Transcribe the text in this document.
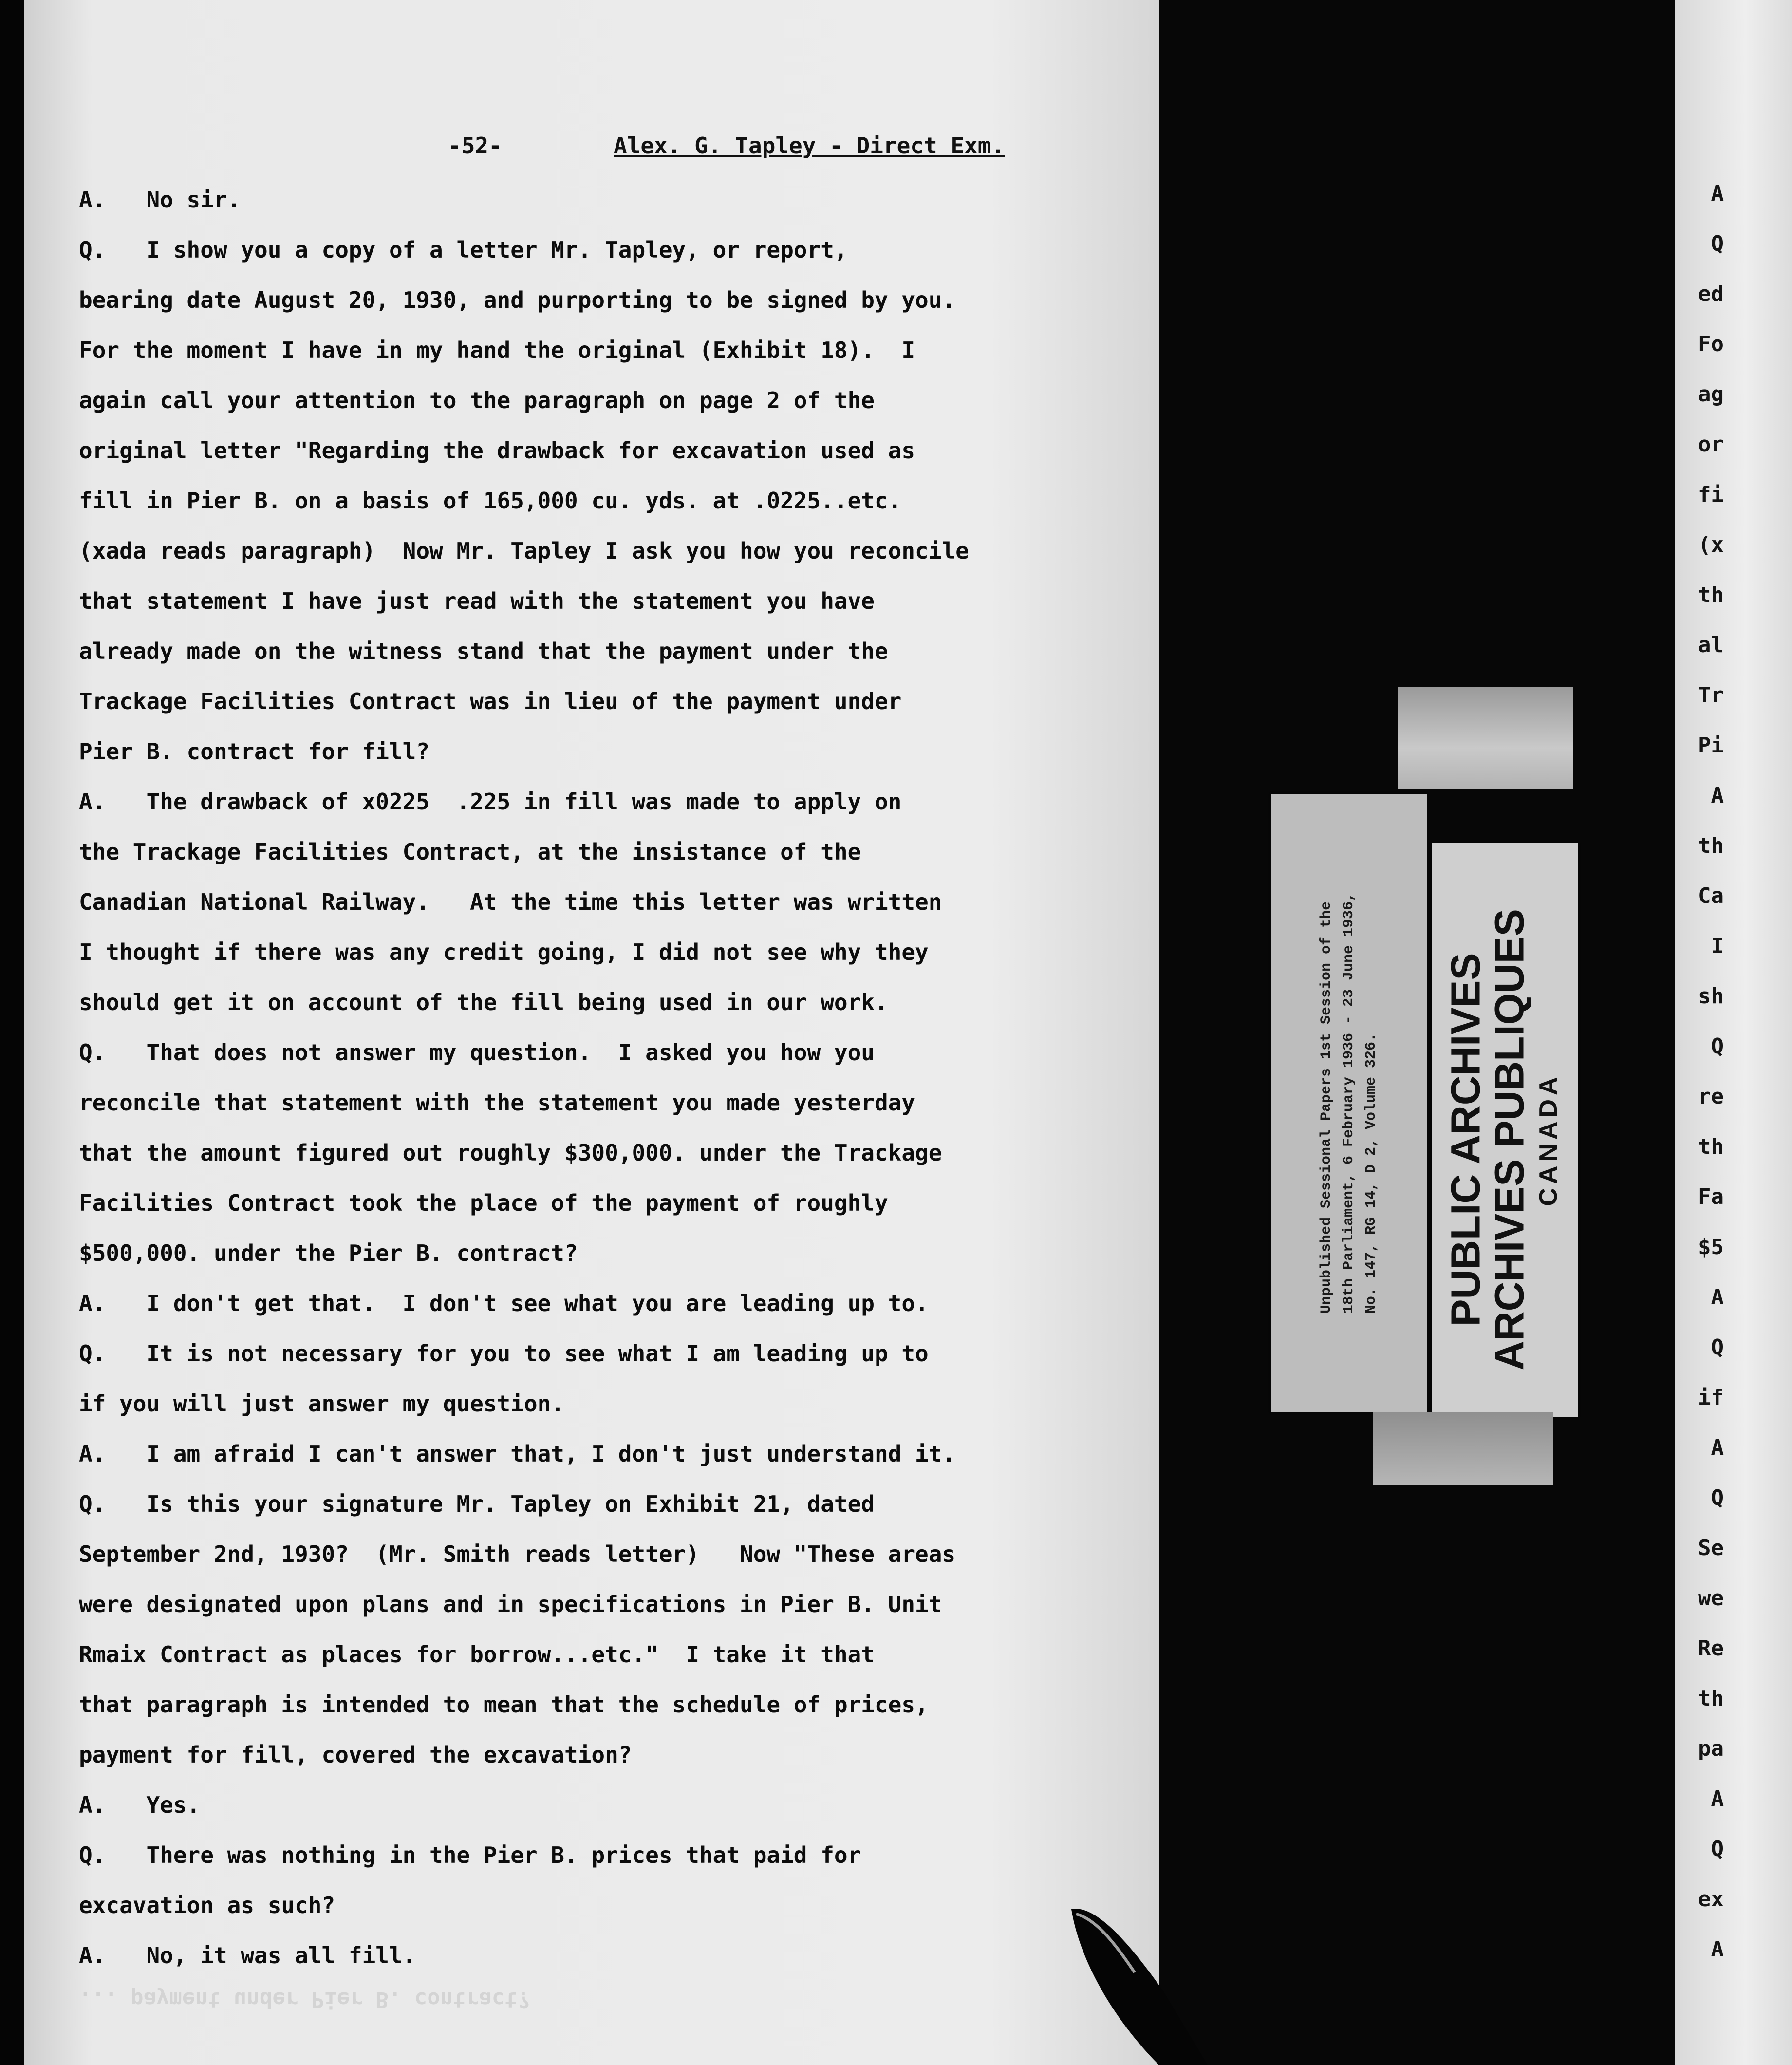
-52-	Alex. G. Tapley - Direct Exm.
A.   No sir.
Q.   I show you a copy of a letter Mr. Tapley, or report,
bearing date August 20, 1930, and purporting to be signed by you.
For the moment I have in my hand the original (Exhibit 18).  I
again call your attention to the paragraph on page 2 of the
original letter "Regarding the drawback for excavation used as
fill in Pier B. on a basis of 165,000 cu. yds. at .0225..etc.
(xada reads paragraph)  Now Mr. Tapley I ask you how you reconcile
that statement I have just read with the statement you have
already made on the witness stand that the payment under the
Trackage Facilities Contract was in lieu of the payment under
Pier B. contract for fill?
A.   The drawback of x0225  .225 in fill was made to apply on
the Trackage Facilities Contract, at the insistance of the
Canadian National Railway.   At the time this letter was written
I thought if there was any credit going, I did not see why they
should get it on account of the fill being used in our work.
Q.   That does not answer my question.  I asked you how you
reconcile that statement with the statement you made yesterday
that the amount figured out roughly $300,000. under the Trackage
Facilities Contract took the place of the payment of roughly
$500,000. under the Pier B. contract?
A.   I don't get that.  I don't see what you are leading up to.
Q.   It is not necessary for you to see what I am leading up to
if you will just answer my question.
A.   I am afraid I can't answer that, I don't just understand it.
Q.   Is this your signature Mr. Tapley on Exhibit 21, dated
September 2nd, 1930?  (Mr. Smith reads letter)   Now "These areas
were designated upon plans and in specifications in Pier B. Unit
Rmaix Contract as places for borrow...etc."  I take it that
that paragraph is intended to mean that the schedule of prices,
payment for fill, covered the excavation?
A.   Yes.
Q.   There was nothing in the Pier B. prices that paid for
excavation as such?
A.   No, it was all fill.
... payment under Pier B. contract?
A
Q
ed
Fo
ag
or
fi
(x
th
al
Tr
Pi
A
th
Ca
I
sh
Q
re
th
Fa
$5
A
Q
if
A
Q
Se
we
Re
th
pa
A
Q
ex
A
Unpublished Sessional Papers 1st Session of the 18th Parliament, 6 February 1936 - 23 June 1936, No. 147, RG 14, D 2, Volume 326. PUBLIC ARCHIVES
ARCHIVES PUBLIQUES CANADA
